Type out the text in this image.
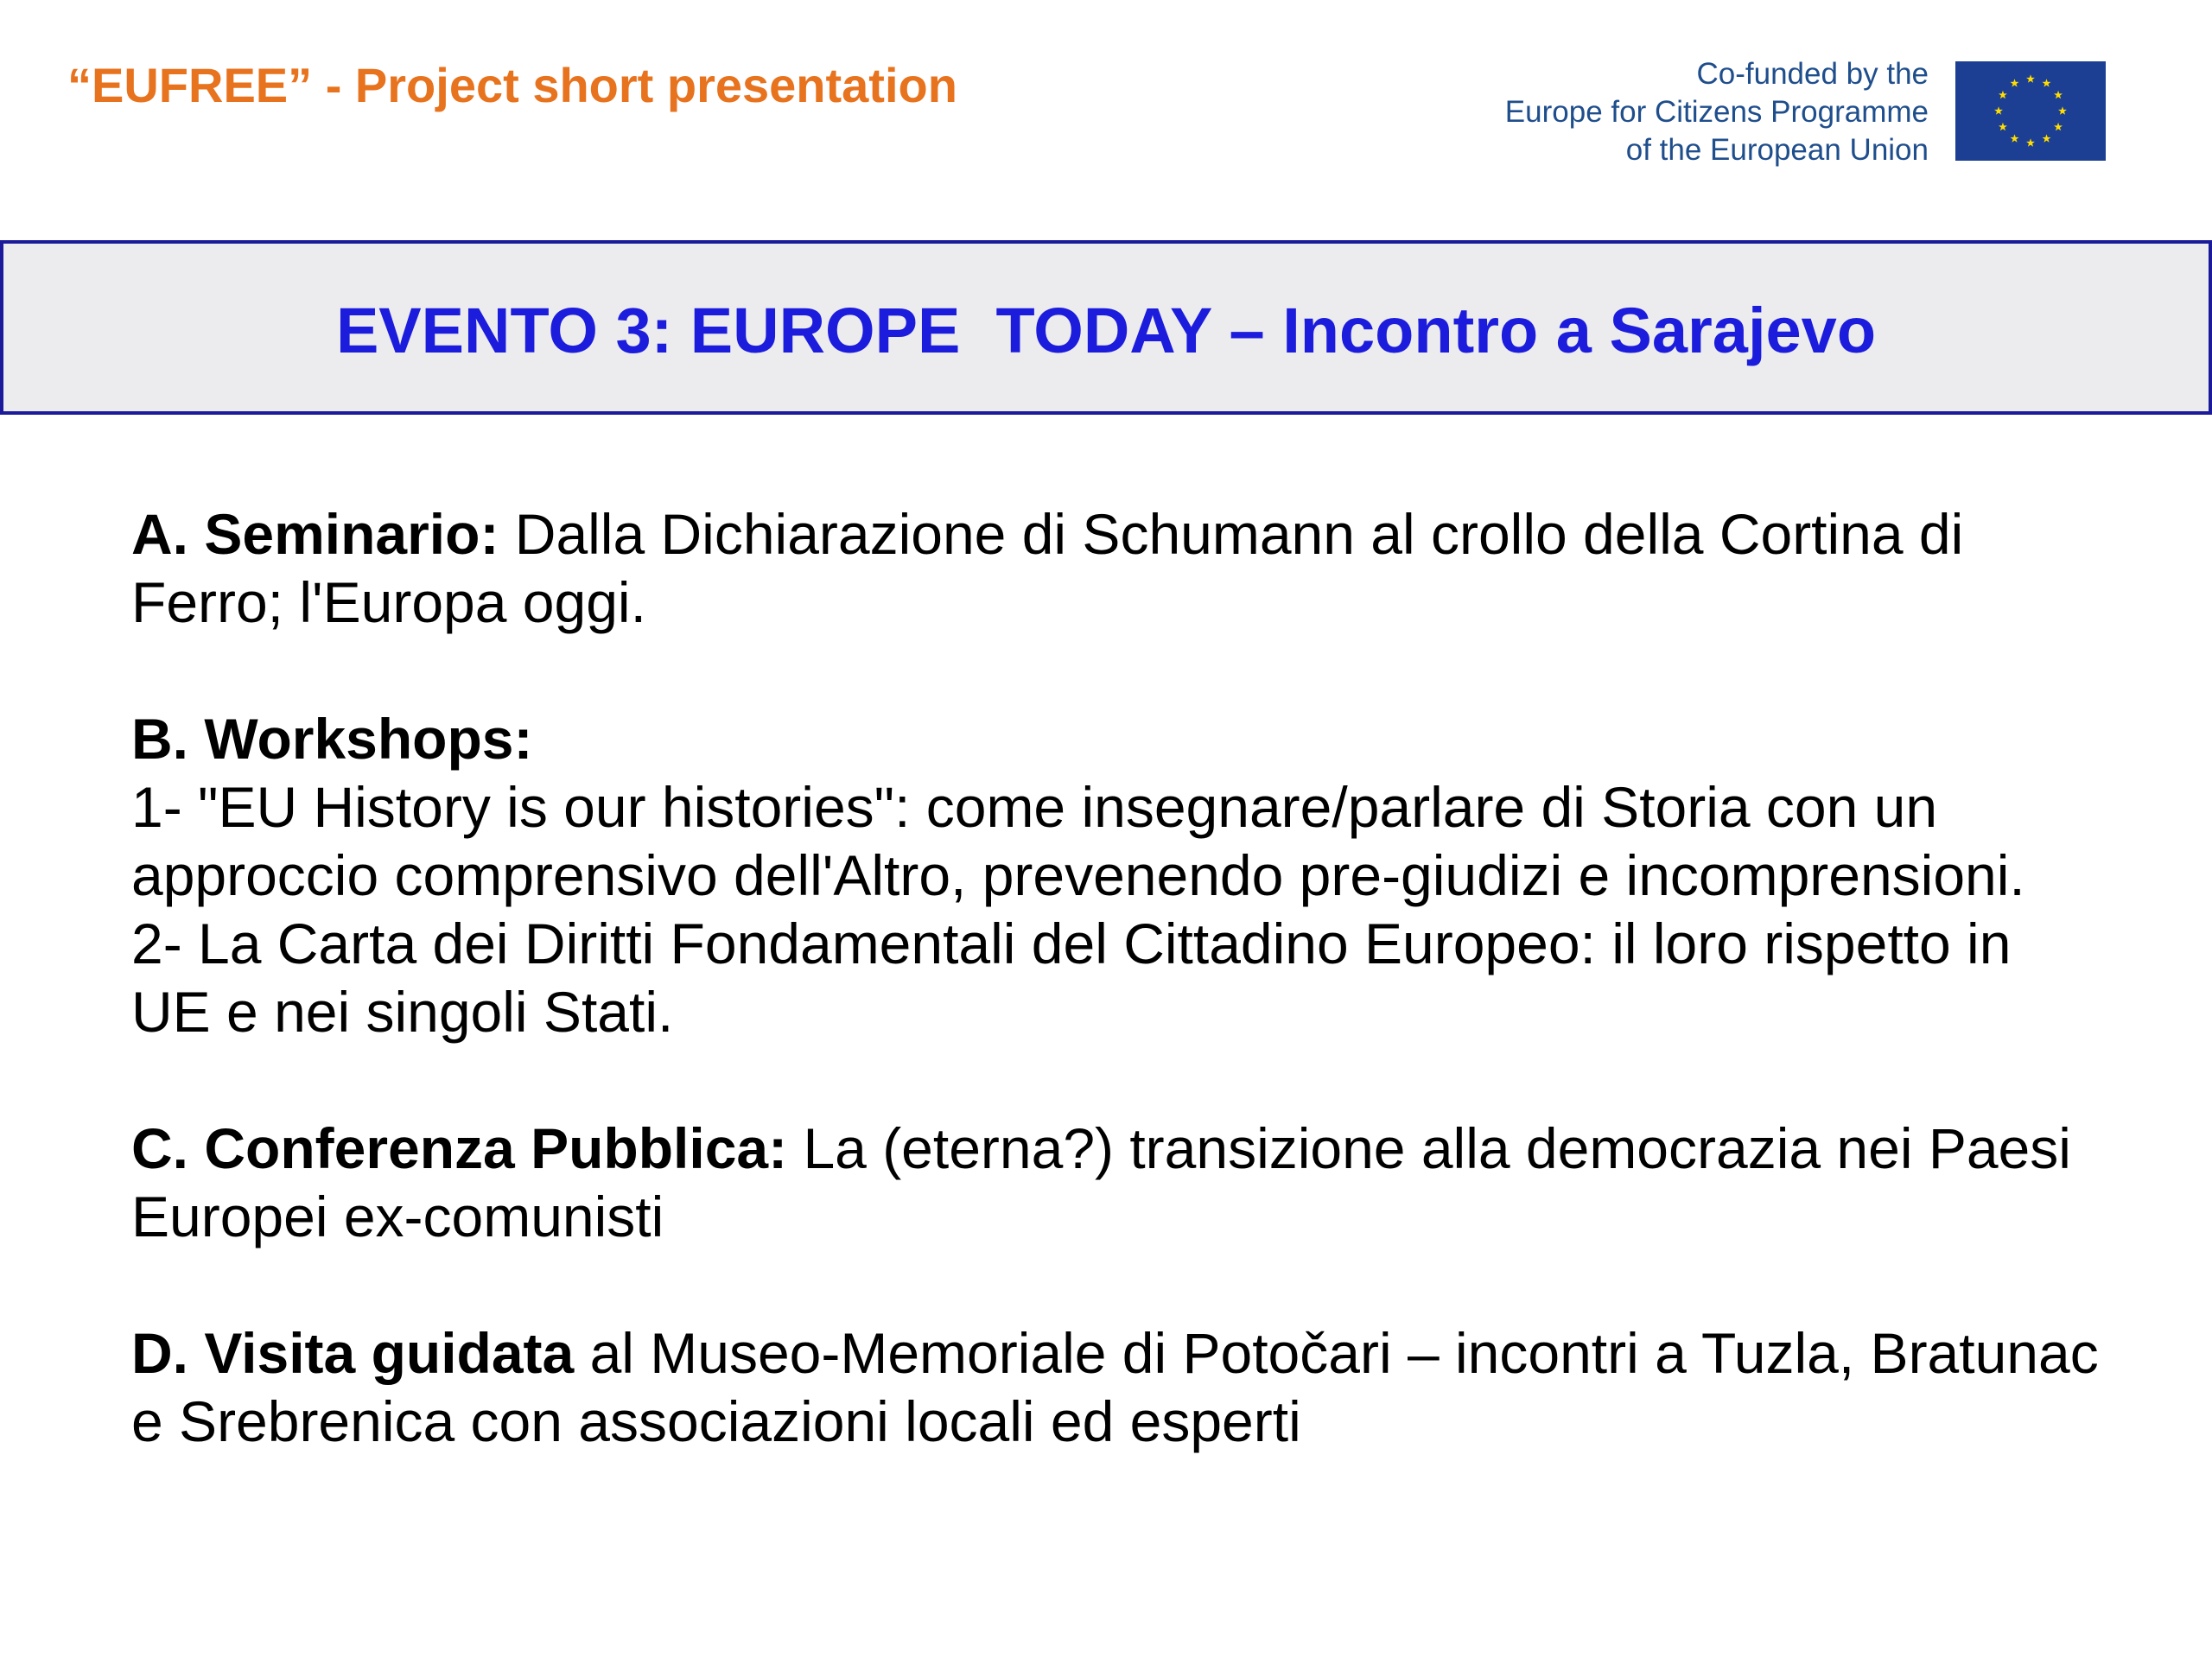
“EUFREE” - Project short presentation	Co-funded by the
Europe for Citizens Programme
of the European Union
EVENTO 3: EUROPE  TODAY – Incontro a Sarajevo
A. Seminario: Dalla Dichiarazione di Schumann al crollo della Cortina di Ferro; l'Europa oggi.
B. Workshops:
1- "EU History is our histories": come insegnare/parlare di Storia con un approccio comprensivo dell'Altro, prevenendo pre-giudizi e incomprensioni.
2- La Carta dei Diritti Fondamentali del Cittadino Europeo: il loro rispetto in UE e nei singoli Stati.
C. Conferenza Pubblica: La (eterna?) transizione alla democrazia nei Paesi Europei ex-comunisti
D. Visita guidata al Museo-Memoriale di Potočari – incontri a Tuzla, Bratunac e Srebrenica con associazioni locali ed esperti
